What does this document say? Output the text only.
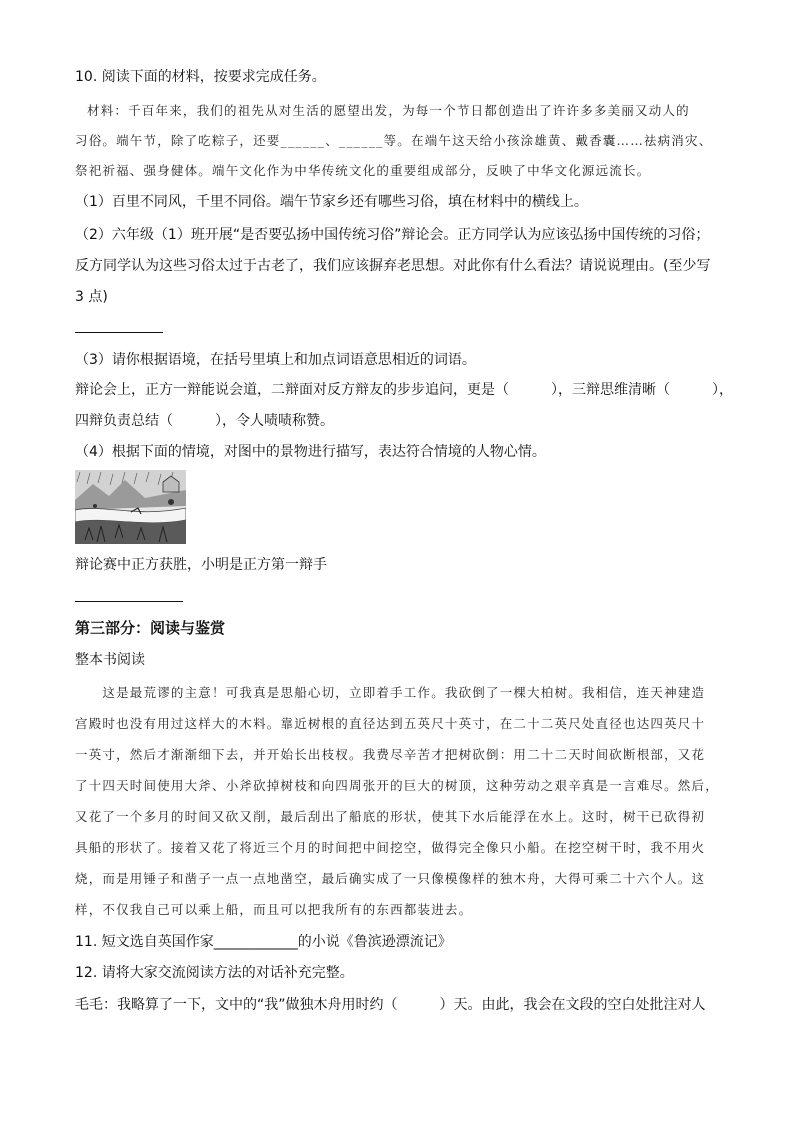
10. 阅读下面的材料，按要求完成任务。
材料：千百年来，我们的祖先从对生活的愿望出发，为每一个节日都创造出了许许多多美丽又动人的
习俗。端午节，除了吃粽子，还要______、______等。在端午这天给小孩涂雄黄、戴香囊……祛病消灾、
祭祀祈福、强身健体。端午文化作为中华传统文化的重要组成部分，反映了中华文化源远流长。
（1）百里不同风，千里不同俗。端午节家乡还有哪些习俗，填在材料中的横线上。
（2）六年级（1）班开展“是否要弘扬中国传统习俗”辩论会。正方同学认为应该弘扬中国传统的习俗；
反方同学认为这些习俗太过于古老了，我们应该摒弃老思想。对此你有什么看法？请说说理由。(至少写
3 点)
（3）请你根据语境，在括号里填上和加点词语意思相近的词语。
辩论会上，正方一辩能说会道，二辩面对反方辩友的步步追问，更是（　　　），三辩思维清晰（　　　），
四辩负责总结（　　　），令人啧啧称赞。
（4）根据下面的情境，对图中的景物进行描写，表达符合情境的人物心情。
辩论赛中正方获胜，小明是正方第一辩手
第三部分：阅读与鉴赏
整本书阅读
　　这是最荒谬的主意！可我真是思船心切，立即着手工作。我砍倒了一棵大柏树。我相信，连天神建造
宫殿时也没有用过这样大的木料。靠近树根的直径达到五英尺十英寸，在二十二英尺处直径也达四英尺十
一英寸，然后才渐渐细下去，并开始长出枝杈。我费尽辛苦才把树砍倒：用二十二天时间砍断根部，又花
了十四天时间使用大斧、小斧砍掉树枝和向四周张开的巨大的树顶，这种劳动之艰辛真是一言难尽。然后，
又花了一个多月的时间又砍又削，最后刮出了船底的形状，使其下水后能浮在水上。这时，树干已砍得初
具船的形状了。接着又花了将近三个月的时间把中间挖空，做得完全像只小船。在挖空树干时，我不用火
烧，而是用锤子和凿子一点一点地凿空，最后确实成了一只像模像样的独木舟，大得可乘二十六个人。这
样，不仅我自己可以乘上船，而且可以把我所有的东西都装进去。
11. 短文选自英国作家____________的小说《鲁滨逊漂流记》
12. 请将大家交流阅读方法的对话补充完整。
毛毛：我略算了一下，文中的“我”做独木舟用时约（　　　）天。由此，我会在文段的空白处批注对人
